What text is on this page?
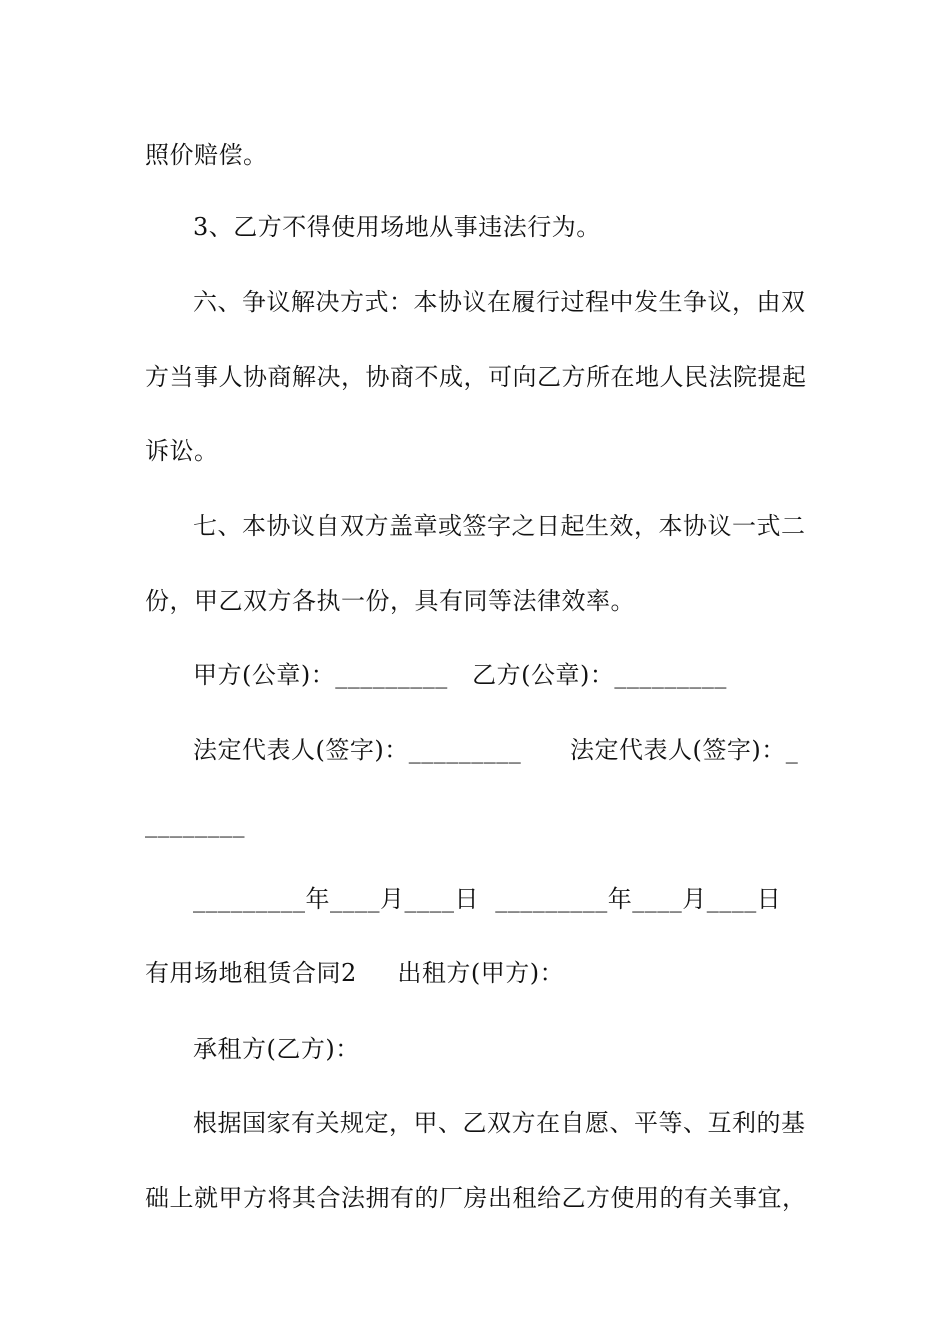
照价赔偿。
3、乙方不得使用场地从事违法行为。
六、争议解决方式：本协议在履行过程中发生争议，由双
方当事人协商解决，协商不成，可向乙方所在地人民法院提起
诉讼。
七、本协议自双方盖章或签字之日起生效，本协议一式二
份，甲乙双方各执一份，具有同等法律效率。
甲方(公章)：_________   乙方(公章)：_________
法定代表人(签字)：_________      法定代表人(签字)：_
________
_________年____月____日  _________年____月____日
有用场地租赁合同2     出租方(甲方)：
承租方(乙方)：
根据国家有关规定，甲、乙双方在自愿、平等、互利的基
础上就甲方将其合法拥有的厂房出租给乙方使用的有关事宜，
